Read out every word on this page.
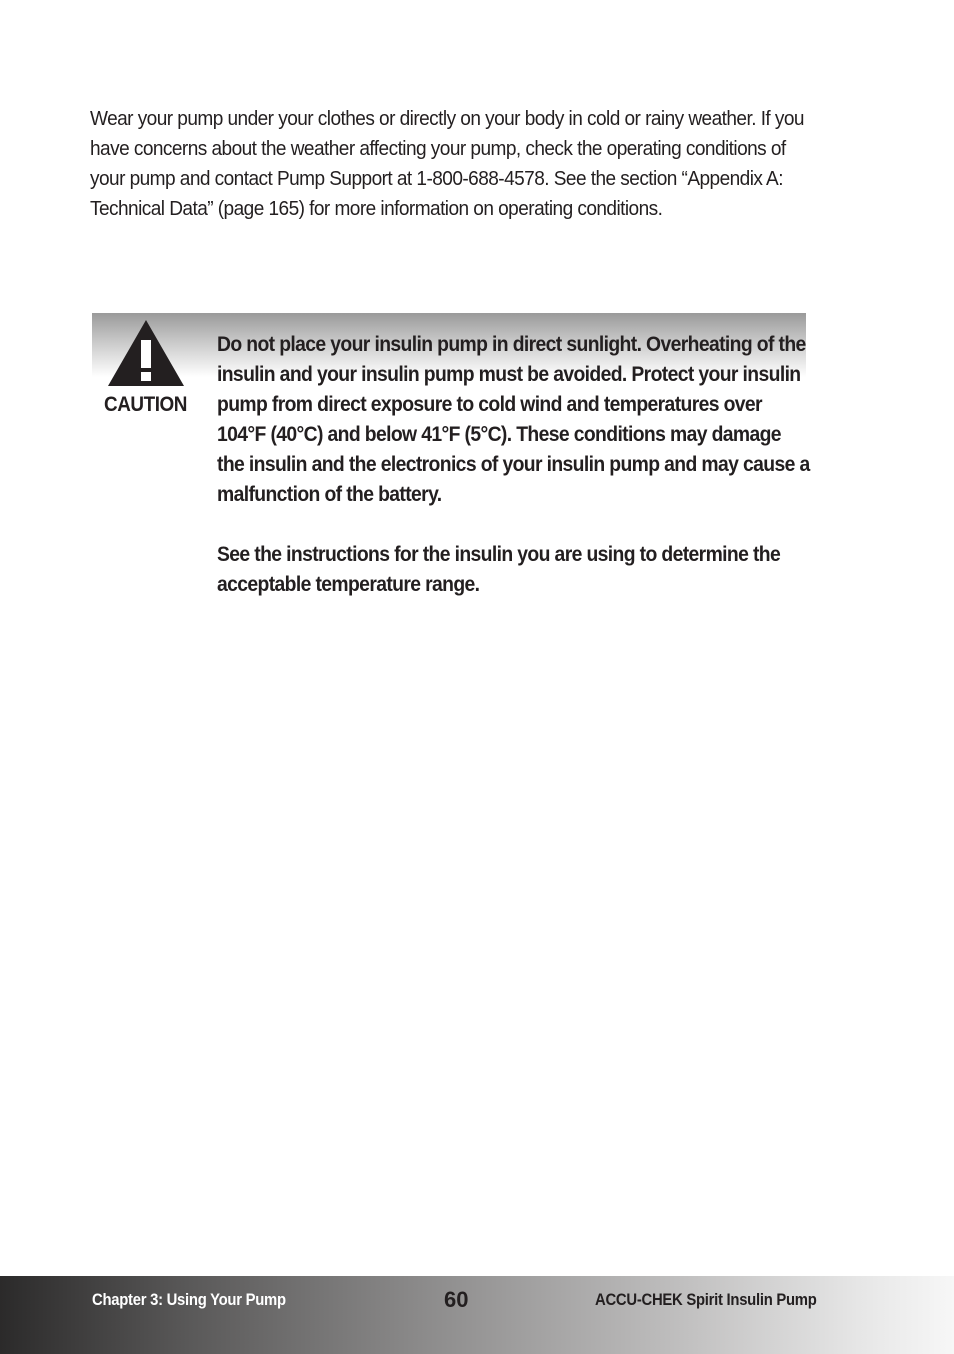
Wear your pump under your clothes or directly on your body in cold or rainy weather. If you have concerns about the weather affecting your pump, check the operating conditions of your pump and contact Pump Support at 1-800-688-4578. See the section “Appendix A: Technical Data” (page 165) for more information on operating conditions.

CAUTION

Do not place your insulin pump in direct sunlight. Overheating of the insulin and your insulin pump must be avoided. Protect your insulin pump from direct exposure to cold wind and temperatures over 104°F (40°C) and below 41°F (5°C). These conditions may damage the insulin and the electronics of your insulin pump and may cause a malfunction of the battery.

See the instructions for the insulin you are using to determine the acceptable temperature range.

Chapter 3: Using Your Pump	60	ACCU-CHEK Spirit Insulin Pump
